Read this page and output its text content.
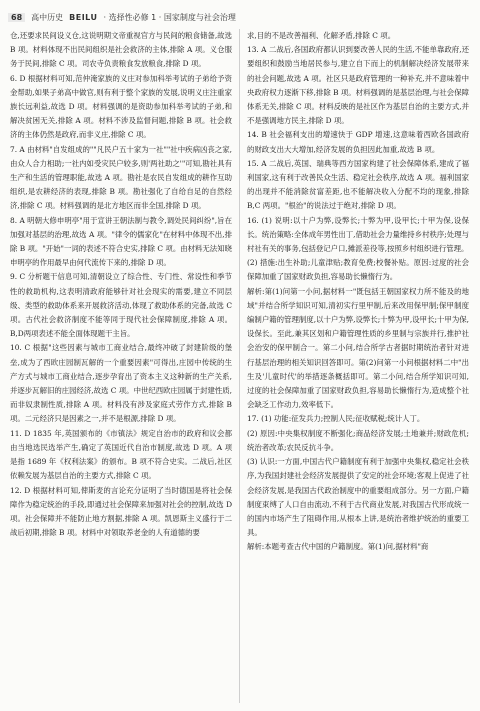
68	高中历史 BEILU · 选择性必修 1 · 国家制度与社会治理

仓,还要求民间设义仓,这说明期文帝重视官方与民间的粮食储备,故选 B 项。材料体现不出民间组织是社会救济的主体,排除 A 项。义仓服务于民间,排除 C 项。司农寺负责粮食发放粮食,排除 D 项。

6. D 根据材料可知,范仲淹家族的义庄对参加科举考试的子弟给予资金帮助,如果子弟高中做官,则有利于整个家族的发展,说明义庄注重家族长远利益,故选 D 项。材料强调的是资助参加科举考试的子弟,和解决贫困无关,排除 A 项。材料不涉及监督问题,排除 B 项。社会救济的主体仍然是政府,而非义庄,排除 C 项。

7. A 由材料"自发组成的""凡民户五十家为一社""社中疾病凶丧之家,由众人合力相助;一社内如受灾民户较多,则'两社助之'"可知,勘社具有生产和生活的管理职能,故选 A 项。勘社是农民自发组成的耕作互助组织,是农耕经济的表现,排除 B 项。勘社强化了自给自足的自然经济,排除 C 项。材料强调的是北方地区而非全国,排除 D 项。

8. A 明朝大修申明亭"用于宣讲王朝法制与教令,调处民间纠纷",旨在加强对基层的治理,故选 A 项。"律令的儒家化"在材料中体现不出,排除 B 项。"开始"一词的表述不符合史实,排除 C 项。由材料无法知晓申明亭的作用最早由何代流传下来的,排除 D 项。

9. C 分析题干信息可知,清朝设立了综合性、专门性、常设性和季节性的救助机构,这表明清政府能够针对社会现实的需要,建立不同层级、类型的救助体系来开展救济活动,体现了救助体系的完备,故选 C 项。古代社会救济制度不能等同于现代社会保障制度,排除 A 项。B,D两项表述不能全面体现题干主旨。

10. C 根据"这些因素与城市工商业结合,最终冲破了封建阶级的堡垒,成为了西欧庄园制瓦解的一个重要因素"可得出,庄园中传统的生产方式与城市工商业结合,逐步孕育出了资本主义这种新的生产关系,并逐步瓦解旧的庄园经济,故选 C 项。中世纪西欧庄园属于封建性质,而非奴隶制性质,排除 A 项。材料没有涉及家庭式劳作方式,排除 B 项。二元经济只是因素之一,并不是根源,排除 D 项。

11. D 1835 年,英国颁布的《市镇法》规定自治市的政府和议会都由当地选民选举产生,确定了英国近代自治市制度,故选 D 项。A 项是指 1689 年《权利法案》的颁布。B 项不符合史实。二战后,社区依赖发展为基层自治的主要方式,排除 C 项。

12. D 根据材料可知,俾斯麦的言论充分证明了当时德国是将社会保障作为稳定统治的手段,即通过社会保障来加强对社会的控制,故选 D 项。社会保障并不能防止地方割据,排除 A 项。凯恩斯主义盛行于二战后初期,排除 B 项。材料中对领取养老金的人有道德的要

求,目的不是改善福利、化解矛盾,排除 C 项。

13. A 二战后,各国政府都认识到要改善人民的生活,不能单靠政府,还要组织和鼓励当地居民参与,建立自下而上的机制解决经济发展带来的社会问题,故选 A 项。社区只是政府管理的一种补充,并不意味着中央政府权力逐渐下移,排除 B 项。材料强调的是基层治理,与社会保障体系无关,排除 C 项。材料反映的是社区作为基层自治的主要方式,并不是强调地方民主,排除 D 项。

14. B 社会福利支出的增速快于 GDP 增速,这意味着西欧各国政府的财政支出大大增加,经济发展的负担因此加重,故选 B 项。

15. A 二战后,英国、瑞典等西方国家构建了社会保障体系,建成了福利国家,这有利于改善民众生活、稳定社会秩序,故选 A 项。福利国家的出现并不能消除贫富差距,也不能解决收入分配不均的现象,排除 B,C 两项。"根治"的说法过于绝对,排除 D 项。

16. (1) 说明:以十户为弊,设弊长;十弊为甲,设甲长;十甲为保,设保长。统治策略:全体成年男性出丁,借助社会力量维持乡村秩序;处理与村社有关的事务,包括登记户口,摊派差役等,按照乡村组织进行管理。

(2) 措施:出生补助;儿童津贴;教育免费;校餐补贴。原因:过度的社会保障加重了国家财政负担,容易助长懒惰行为。

解析:第(1)问第一小问,据材料一"既包括王朝国家权力所不能及的地域"并结合所学知识可知,清初实行里甲制,后来改用保甲制;保甲制度编制户籍的管理制度,以十户为弊,设弊长;十弊为甲,设甲长;十甲为保,设保长。至此,兼其区划和户籍管理性质的乡里制与宗族并行,推护社会治安的保甲制合一。第二小问,结合所学古者据时期统治者针对进行基层治理的相关知识回答即可。第(2)问第一小问根据材料二中"出生及'儿童时代'的举措逐条概括即可。第二小问,结合所学知识可知,过度的社会保障加重了国家财政负担,容易助长懒惰行为,造成整个社会缺乏工作动力,效率低下。

17. (1) 功能:征发兵力;控制人民;征收赋税;统计人丁。

(2) 原因:中央集权制度不断强化;商品经济发展;土地兼并;财政危机;统治者改革;农民反抗斗争。

(3) 认识:一方面,中国古代户籍制度有利于加强中央集权,稳定社会秩序,为我国封建社会经济发展提供了安定的社会环境;客观上促进了社会经济发展,是我国古代政治制度中的重要组成部分。另一方面,户籍制度束缚了人口自由流动,不利于古代商业发展,对我国古代形成统一的国内市场产生了阻碍作用,从根本上讲,是统治者维护统治的重要工具。

解析:本题考查古代中国的户籍制度。第(1)问,据材料"商
